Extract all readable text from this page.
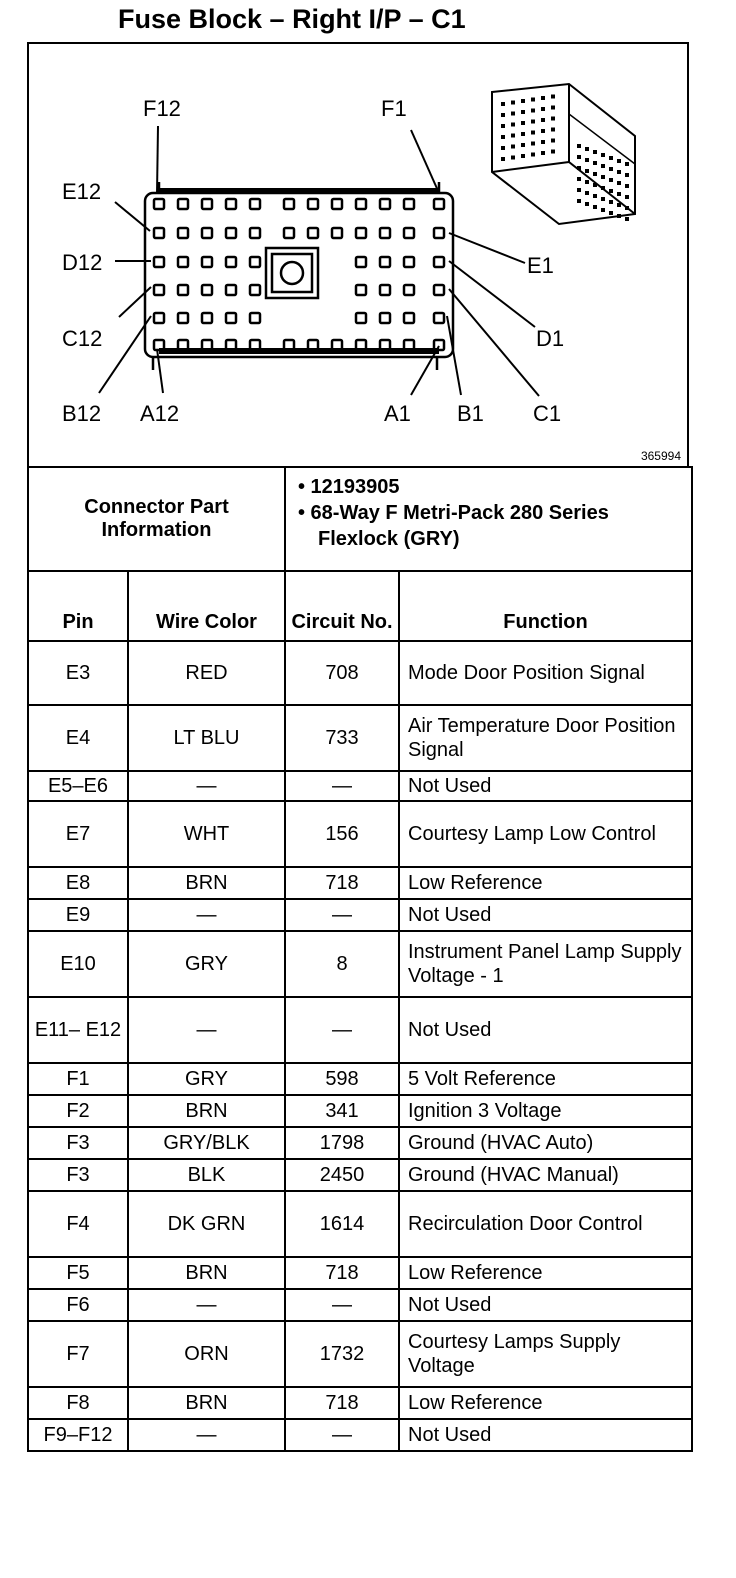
Fuse Block – Right I/P – C1
F12	F1
E12
D12
C12
B12 A12
E1
D1
C1
A1 B1
365994
Connector Part Information	
• 12193905
• 68-Way F Metri-Pack 280 Series Flexlock (GRY)
Pin	Wire Color	Circuit No.	Function
E3	RED	708	Mode Door Position Signal
E4	LT BLU	733	Air Temperature Door Position Signal
E5–E6	—	—	Not Used
E7	WHT	156	Courtesy Lamp Low Control
E8	BRN	718	Low Reference
E9	—	—	Not Used
E10	GRY	8	Instrument Panel Lamp Supply Voltage - 1
E11– E12	—	—	Not Used
F1	GRY	598	5 Volt Reference
F2	BRN	341	Ignition 3 Voltage
F3	GRY/BLK	1798	Ground (HVAC Auto)
F3	BLK	2450	Ground (HVAC Manual)
F4	DK GRN	1614	Recirculation Door Control
F5	BRN	718	Low Reference
F6	—	—	Not Used
F7	ORN	1732	Courtesy Lamps Supply Voltage
F8	BRN	718	Low Reference
F9–F12	—	—	Not Used
